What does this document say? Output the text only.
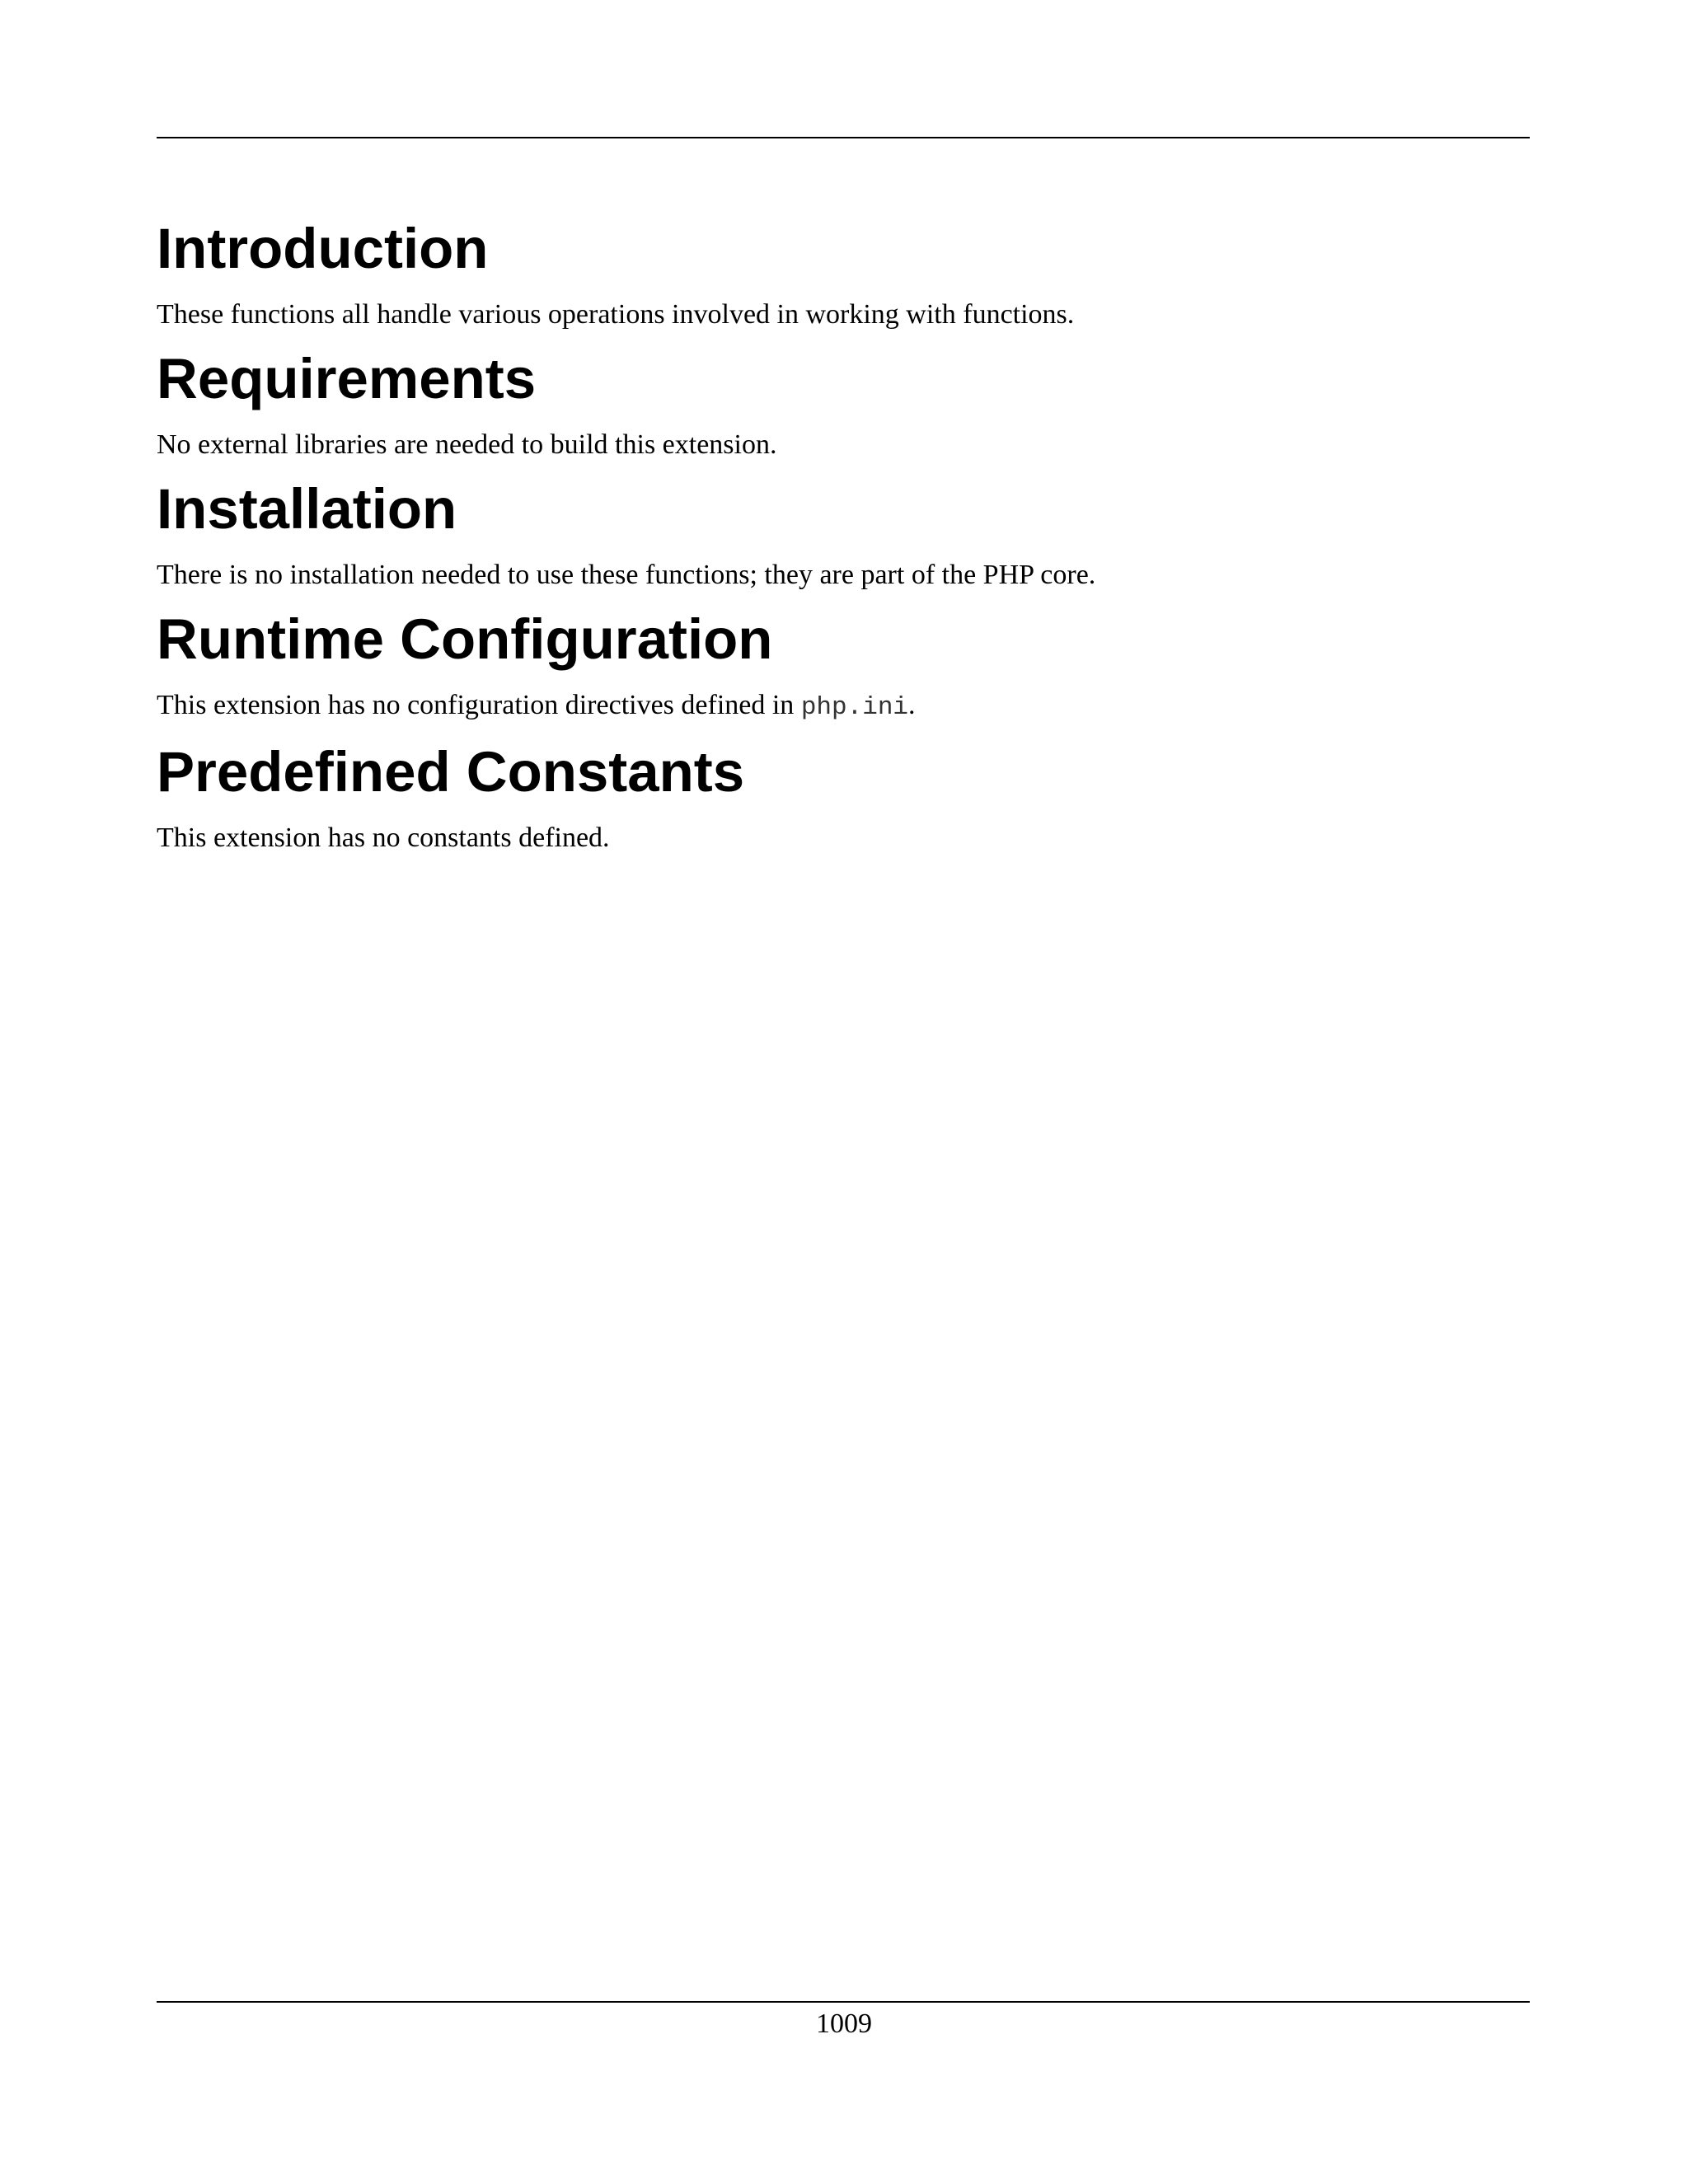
Introduction

These functions all handle various operations involved in working with functions.

Requirements

No external libraries are needed to build this extension.

Installation

There is no installation needed to use these functions; they are part of the PHP core.

Runtime Configuration

This extension has no configuration directives defined in php.ini.

Predefined Constants

This extension has no constants defined.

1009
